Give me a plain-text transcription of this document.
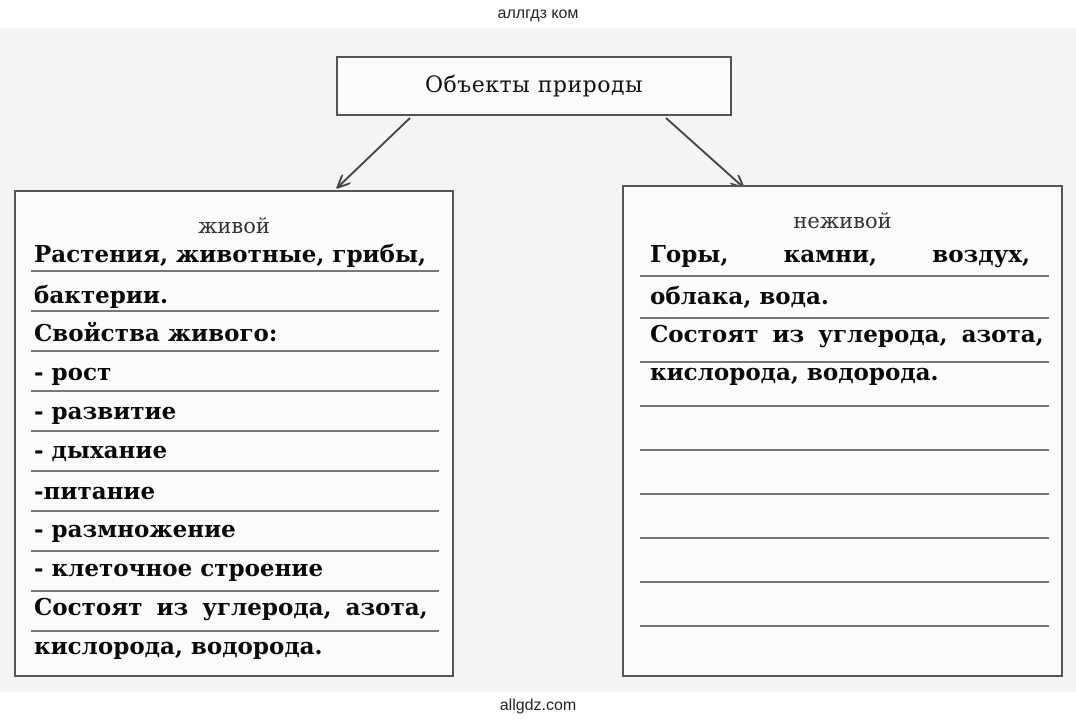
аллгдз ком
Объекты природы
живой
Растения, животные, грибы,
бактерии.
Свойства живого:
- рост
- развитие
- дыхание
-питание
- размножение
- клеточное строение
Состоят из углерода, азота,
кислорода, водорода.
неживой
Горы, камни, воздух,
облака, вода.
Состоят из углерода, азота,
кислорода, водорода.
allgdz.com
